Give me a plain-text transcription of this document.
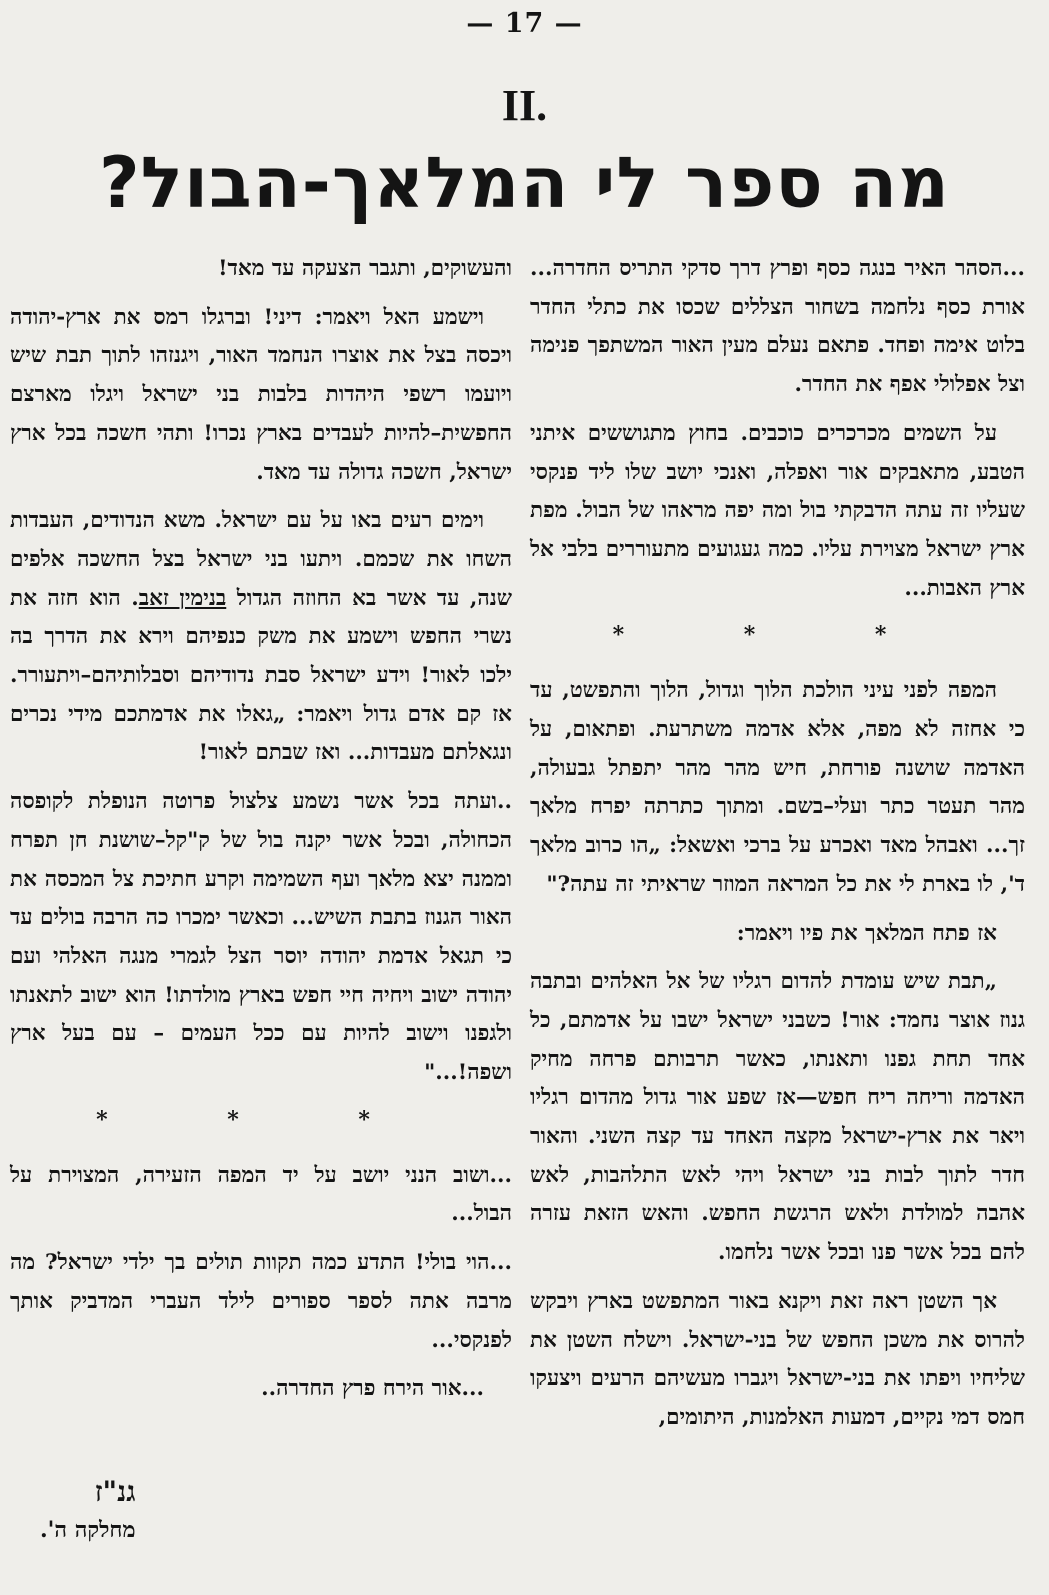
— 17 —
II.
מה ספר לי המלאך-הבול?

...הסהר האיר בנגה כסף ופרץ דרך סדקי התריס החדרה... אורת כסף נלחמה בשחור הצללים שכסו את כתלי החדר בלוט אימה ופחד. פתאם נעלם מעין האור המשתפך פנימה וצל אפלולי אפף את החדר.

על השמים מכרכרים כוכבים. בחוץ מתגוששים איתני הטבע, מתאבקים אור ואפלה, ואנכי יושב שלו ליד פנקסי שעליו זה עתה הדבקתי בול ומה יפה מראהו של הבול. מפת ארץ ישראל מצוירת עליו. כמה געגועים מתעוררים בלבי אל ארץ האבות...

* * *

המפה לפני עיני הולכת הלוך וגדול, הלוך והתפשט, עד כי אחזה לא מפה, אלא אדמה משתרעת. ופתאום, על האדמה שושנה פורחת, חיש מהר מהר יתפתל גבעולה, מהר תעטר כתר ועלי–בשם. ומתוך כתרתה יפרח מלאך זך... ואבהל מאד ואכרע על ברכי ואשאל: „הו כרוב מלאך ד', לו בארת לי את כל המראה המוזר שראיתי זה עתה?"

אז פתח המלאך את פיו ויאמר:

„תבת שיש עומדת להדום רגליו של אל האלהים ובתבה גנוז אוצר נחמד: אור! כשבני ישראל ישבו על אדמתם, כל אחד תחת גפנו ותאנתו, כאשר תרבותם פרחה מחיק האדמה וריחה ריח חפש—אז שפע אור גדול מהדום רגליו ויאר את ארץ-ישראל מקצה האחד עד קצה השני. והאור חדר לתוך לבות בני ישראל ויהי לאש התלהבות, לאש אהבה למולדת ולאש הרגשת החפש. והאש הזאת עזרה להם בכל אשר פנו ובכל אשר נלחמו.

אך השטן ראה זאת ויקנא באור המתפשט בארץ ויבקש להרוס את משכן החפש של בני-ישראל. וישלח השטן את שליחיו ויפתו את בני-ישראל ויגברו מעשיהם הרעים ויצעקו חמס דמי נקיים, דמעות האלמנות, היתומים,

והעשוקים, ותגבר הצעקה עד מאד!

וישמע האל ויאמר: דיני! וברגלו רמס את ארץ-יהודה ויכסה בצל את אוצרו הנחמד האור, ויגנזהו לתוך תבת שיש ויועמו רשפי היהדות בלבות בני ישראל ויגלו מארצם החפשית–להיות לעבדים בארץ נכרו! ותהי חשכה בכל ארץ ישראל, חשכה גדולה עד מאד.

וימים רעים באו על עם ישראל. משא הנדודים, העבדות השחו את שכמם. ויתעו בני ישראל בצל החשכה אלפים שנה, עד אשר בא החוזה הגדול בנימין זאב. הוא חזה את נשרי החפש וישמע את משק כנפיהם וירא את הדרך בה ילכו לאור! וידע ישראל סבת נדודיהם וסבלותיהם–ויתעורר. אז קם אדם גדול ויאמר: „גאלו את אדמתכם מידי נכרים ונגאלתם מעבדות... ואז שבתם לאור!

..ועתה בכל אשר נשמע צלצול פרוטה הנופלת לקופסה הכחולה, ובכל אשר יקנה בול של ק"קל–שושנת חן תפרח וממנה יצא מלאך ועף השמימה וקרע חתיכת צל המכסה את האור הגנוז בתבת השיש... וכאשר ימכרו כה הרבה בולים עד כי תגאל אדמת יהודה יוסר הצל לגמרי מנגה האלהי ועם יהודה ישוב ויחיה חיי חפש בארץ מולדתו! הוא ישוב לתאנתו ולגפנו וישוב להיות עם ככל העמים – עם בעל ארץ ושפה!..."

* * *

...ושוב הנני יושב על יד המפה הזעירה, המצוירת על הבול...

...הוי בולי! התדע כמה תקוות תולים בך ילדי ישראל? מה מרבה אתה לספר ספורים לילד העברי המדביק אותך לפנקסי...

...אור הירח פרץ החדרה..

גנ"ז
מחלקה ה'.
